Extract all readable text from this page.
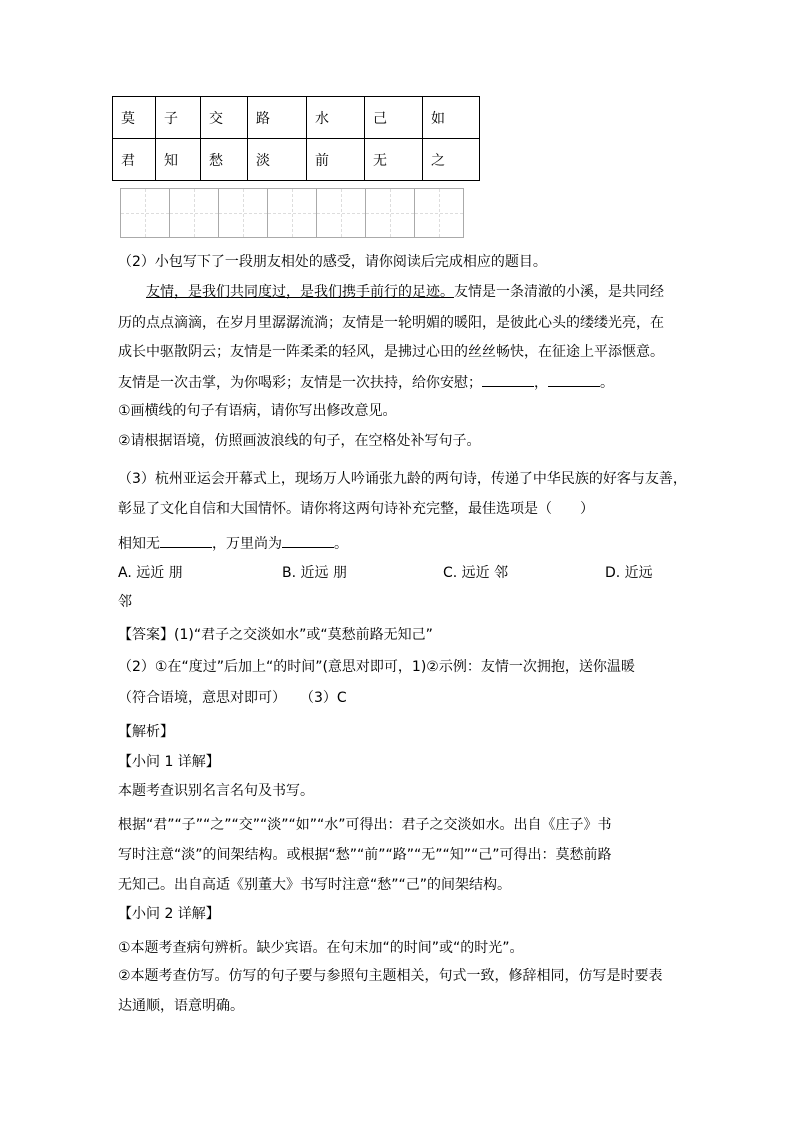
莫	子	交	路	水	己	如
君	知	愁	淡	前	无	之
（2）小包写下了一段朋友相处的感受，请你阅读后完成相应的题目。
友情，是我们共同度过，是我们携手前行的足迹。友情是一条清澈的小溪，是共同经
历的点点滴滴，在岁月里潺潺流淌；友情是一轮明媚的暖阳，是彼此心头的缕缕光亮，在
成长中驱散阴云；友情是一阵柔柔的轻风，是拂过心田的丝丝畅快，在征途上平添惬意。
友情是一次击掌，为你喝彩；友情是一次扶持，给你安慰；	，	。
①画横线的句子有语病，请你写出修改意见。
②请根据语境，仿照画波浪线的句子，在空格处补写句子。
（3）杭州亚运会开幕式上，现场万人吟诵张九龄的两句诗，传递了中华民族的好客与友善，
彰显了文化自信和大国情怀。请你将这两句诗补充完整，最佳选项是（　　）
相知无	，万里尚为	。
A. 远近 朋	B. 近远 朋	C. 远近 邻	D. 近远
邻
【答案】(1)“君子之交淡如水”或“莫愁前路无知己”
（2）①在“度过”后加上“的时间”(意思对即可，1)②示例：友情一次拥抱，送你温暖
（符合语境，意思对即可）　　（3）C
【解析】
【小问 1 详解】
本题考查识别名言名句及书写。
根据“君”“子”“之”“交”“淡”“如”“水”可得出：君子之交淡如水。出自《庄子》书
写时注意“淡”的间架结构。或根据“愁”“前”“路”“无”“知”“己”可得出：莫愁前路
无知己。出自高适《别董大》书写时注意“愁”“己”的间架结构。
【小问 2 详解】
①本题考查病句辨析。缺少宾语。在句末加“的时间”或“的时光”。
②本题考查仿写。仿写的句子要与参照句主题相关，句式一致，修辞相同，仿写是时要表
达通顺，语意明确。
